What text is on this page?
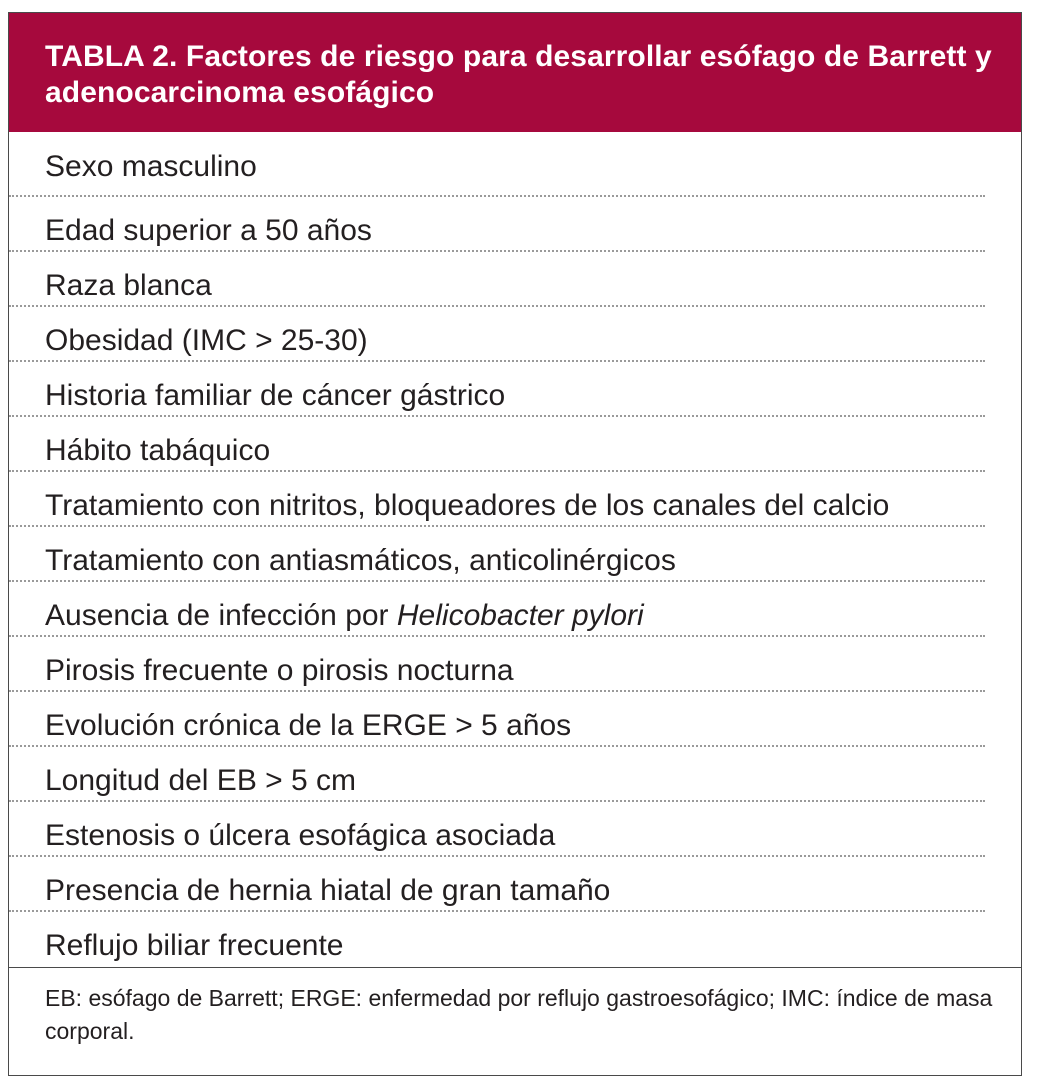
TABLA 2. Factores de riesgo para desarrollar esófago de Barrett y adenocarcinoma esofágico
Sexo masculino
Edad superior a 50 años
Raza blanca
Obesidad (IMC > 25-30)
Historia familiar de cáncer gástrico
Hábito tabáquico
Tratamiento con nitritos, bloqueadores de los canales del calcio
Tratamiento con antiasmáticos, anticolinérgicos
Ausencia de infección por Helicobacter pylori
Pirosis frecuente o pirosis nocturna
Evolución crónica de la ERGE > 5 años
Longitud del EB > 5 cm
Estenosis o úlcera esofágica asociada
Presencia de hernia hiatal de gran tamaño
Reflujo biliar frecuente
EB: esófago de Barrett; ERGE: enfermedad por reflujo gastroesofágico; IMC: índice de masa corporal.
